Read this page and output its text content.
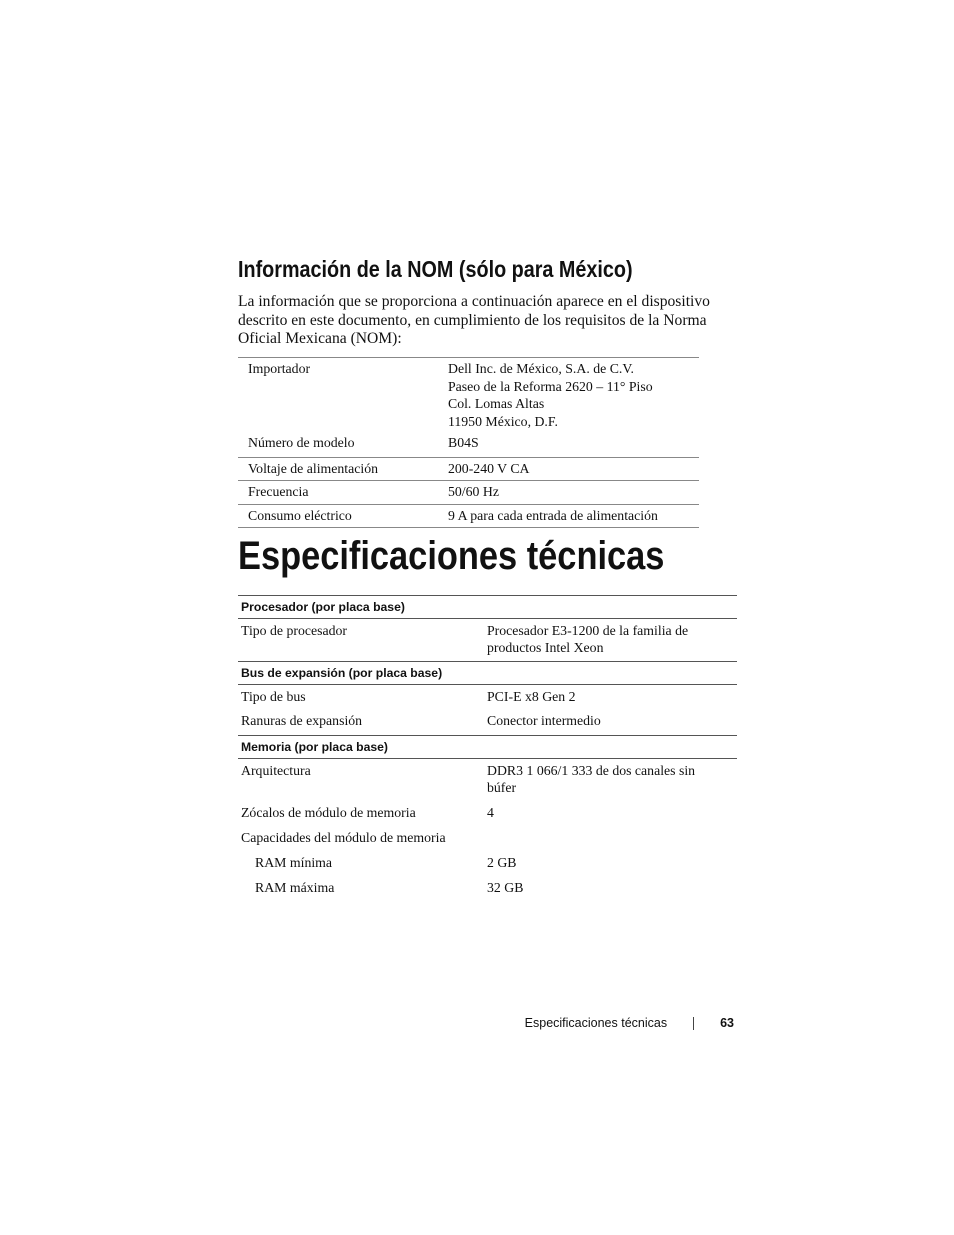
Información de la NOM (sólo para México)

La información que se proporciona a continuación aparece en el dispositivo
descrito en este documento, en cumplimiento de los requisitos de la Norma
Oficial Mexicana (NOM):

Importador	Dell Inc. de México, S.A. de C.V.
Paseo de la Reforma 2620 – 11° Piso
Col. Lomas Altas
11950 México, D.F.
Número de modelo	B04S
Voltaje de alimentación	200-240 V CA
Frecuencia	50/60 Hz
Consumo eléctrico	9 A para cada entrada de alimentación
Especificaciones técnicas
Procesador (por placa base)
Tipo de procesador	Procesador E3-1200 de la familia de
productos Intel Xeon
Bus de expansión (por placa base)
Tipo de bus	PCI-E x8 Gen 2
Ranuras de expansión	Conector intermedio
Memoria (por placa base)
Arquitectura	DDR3 1 066/1 333 de dos canales sin
búfer
Zócalos de módulo de memoria	4
Capacidades del módulo de memoria
RAM mínima	2 GB
RAM máxima	32 GB
Especificaciones técnicas	63
